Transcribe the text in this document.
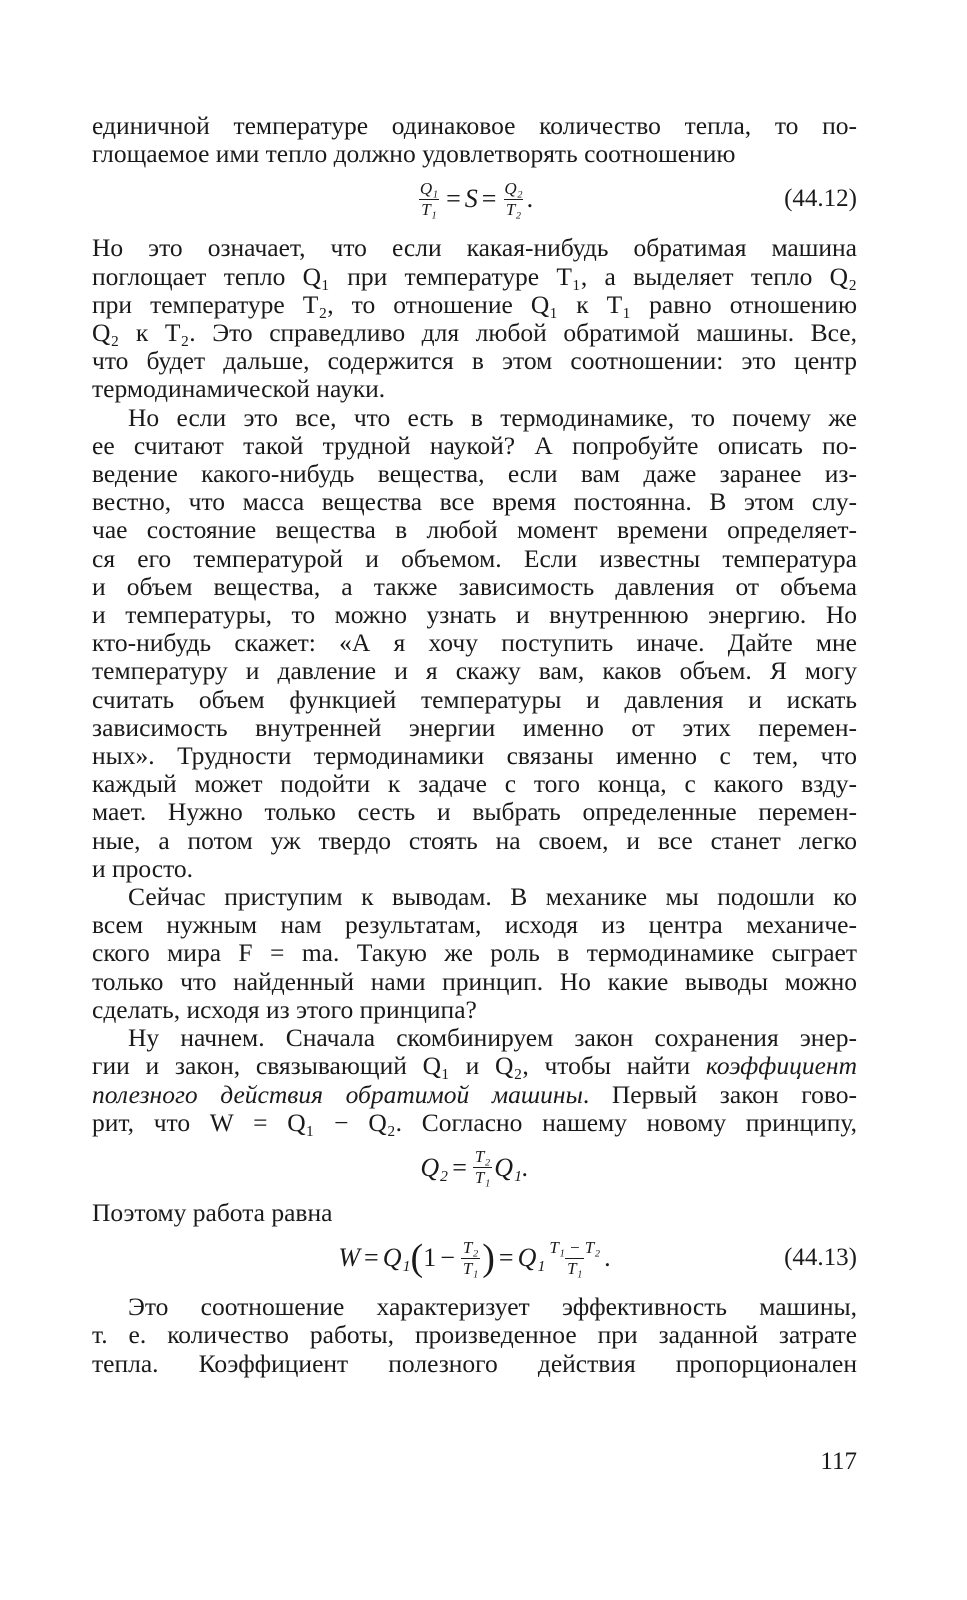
единичной температуре одинаковое количество тепла, то по-

глощаемое ими тепло должно удовлетворять соотношению

$\frac{\text{Q₁}}{\text{T₁}} = S = \frac{\text{Q₂}}{\text{T₂}}$ .	(44.12)

Но это означает, что если какая-нибудь обратимая машина

поглощает тепло Q₁ при температуре T₁, а выделяет тепло Q₂

при температуре T₂, то отношение Q₁ к T₁ равно отношению

Q₂ к T₂. Это справедливо для любой обратимой машины. Все,

что будет дальше, содержится в этом соотношении: это центр

термодинамической науки.

Но если это все, что есть в термодинамике, то почему же

ее считают такой трудной наукой? А попробуйте описать по-

ведение какого-нибудь вещества, если вам даже заранее из-

вестно, что масса вещества все время постоянна. В этом слу-

чае состояние вещества в любой момент времени определяет-

ся его температурой и объемом. Если известны температура

и объем вещества, а также зависимость давления от объема

и температуры, то можно узнать и внутреннюю энергию. Но

кто-нибудь скажет: «А я хочу поступить иначе. Дайте мне

температуру и давление и я скажу вам, каков объем. Я могу

считать объем функцией температуры и давления и искать

зависимость внутренней энергии именно от этих перемен-

ных». Трудности термодинамики связаны именно с тем, что

каждый может подойти к задаче с того конца, с какого взду-

мает. Нужно только сесть и выбрать определенные перемен-

ные, а потом уж твердо стоять на своем, и все станет легко

и просто.

Сейчас приступим к выводам. В механике мы подошли ко

всем нужным нам результатам, исходя из центра механиче-

ского мира F = ma. Такую же роль в термодинамике сыграет

только что найденный нами принцип. Но какие выводы можно

сделать, исходя из этого принципа?

Ну начнем. Сначала скомбинируем закон сохранения энер-

гии и закон, связывающий Q₁ и Q₂, чтобы найти коэффициент

полезного действия обратимой машины. Первый закон гово-

рит, что W = Q₁ − Q₂. Согласно нашему новому принципу,

$Q_2 = \frac{\text{T₂}}{\text{T₁}} Q_1$.

Поэтому работа равна

W = Q₁ ( $1 - \frac{\text{T₂}}{\text{T₁}}$ ) = $Q_1 \frac{\text{T₁ − T₂}}{\text{T₁}}$ .	(44.13)

Это соотношение характеризует эффективность машины,

т. е. количество работы, произведенное при заданной затрате

тепла. Коэффициент полезного действия пропорционален

117
